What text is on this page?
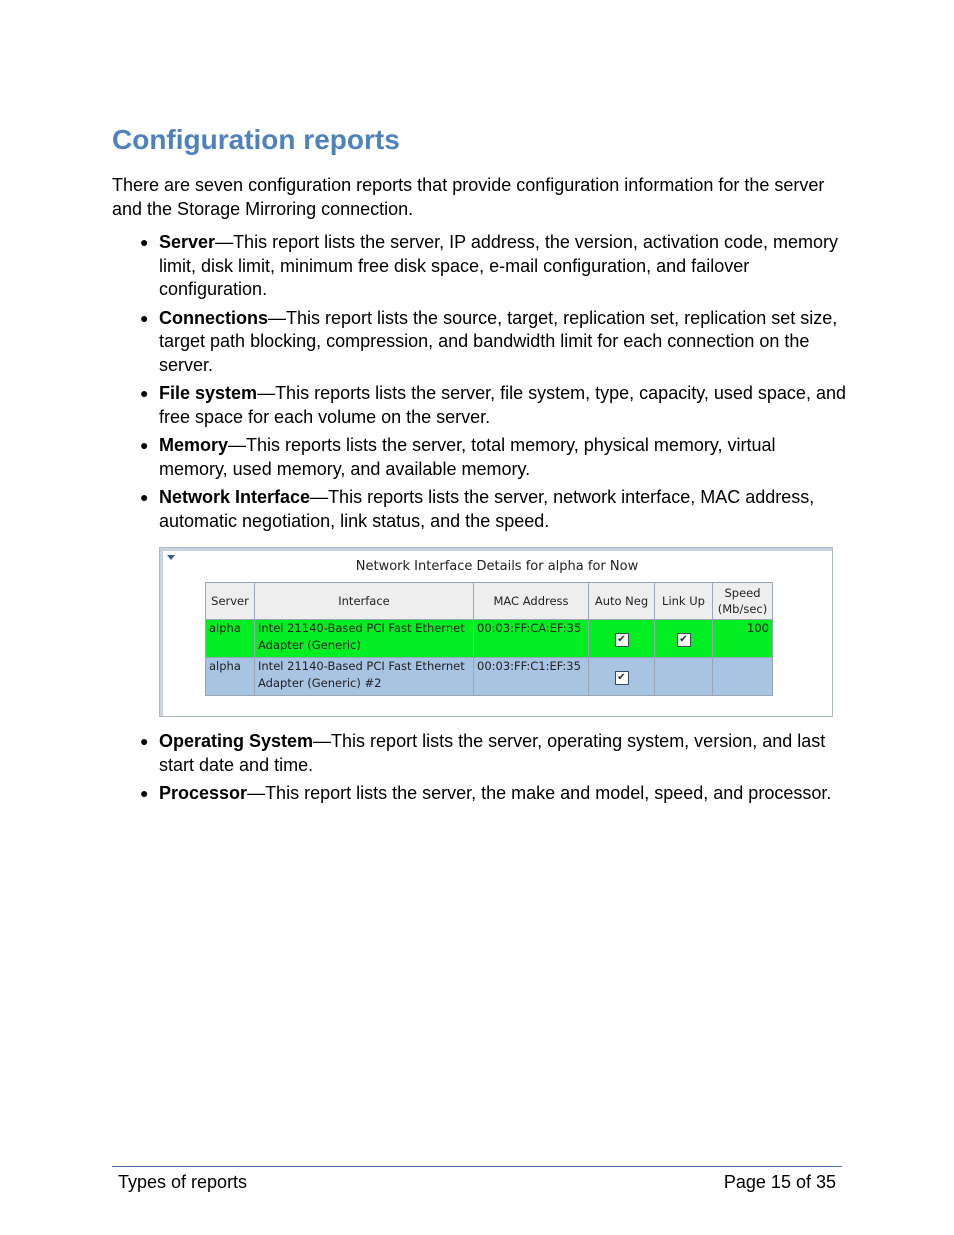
Configuration reports

There are seven configuration reports that provide configuration information for the server and the Storage Mirroring connection.

● Server—This report lists the server, IP address, the version, activation code, memory limit, disk limit, minimum free disk space, e-mail configuration, and failover configuration.
● Connections—This report lists the source, target, replication set, replication set size, target path blocking, compression, and bandwidth limit for each connection on the server.
● File system—This reports lists the server, file system, type, capacity, used space, and free space for each volume on the server.
● Memory—This reports lists the server, total memory, physical memory, virtual memory, used memory, and available memory.
● Network Interface—This reports lists the server, network interface, MAC address, automatic negotiation, link status, and the speed.
Network Interface Details for alpha for Now
Server	Interface	MAC Address	Auto Neg	Link Up	Speed (Mb/sec)
alpha	Intel 21140-Based PCI Fast Ethernet Adapter (Generic)	00:03:FF:CA:EF:35	✔	✔	100
alpha	Intel 21140-Based PCI Fast Ethernet Adapter (Generic) #2	00:03:FF:C1:EF:35	✔		
● Operating System—This report lists the server, operating system, version, and last start date and time.
● Processor—This report lists the server, the make and model, speed, and processor.
Types of reports	Page 15 of 35
